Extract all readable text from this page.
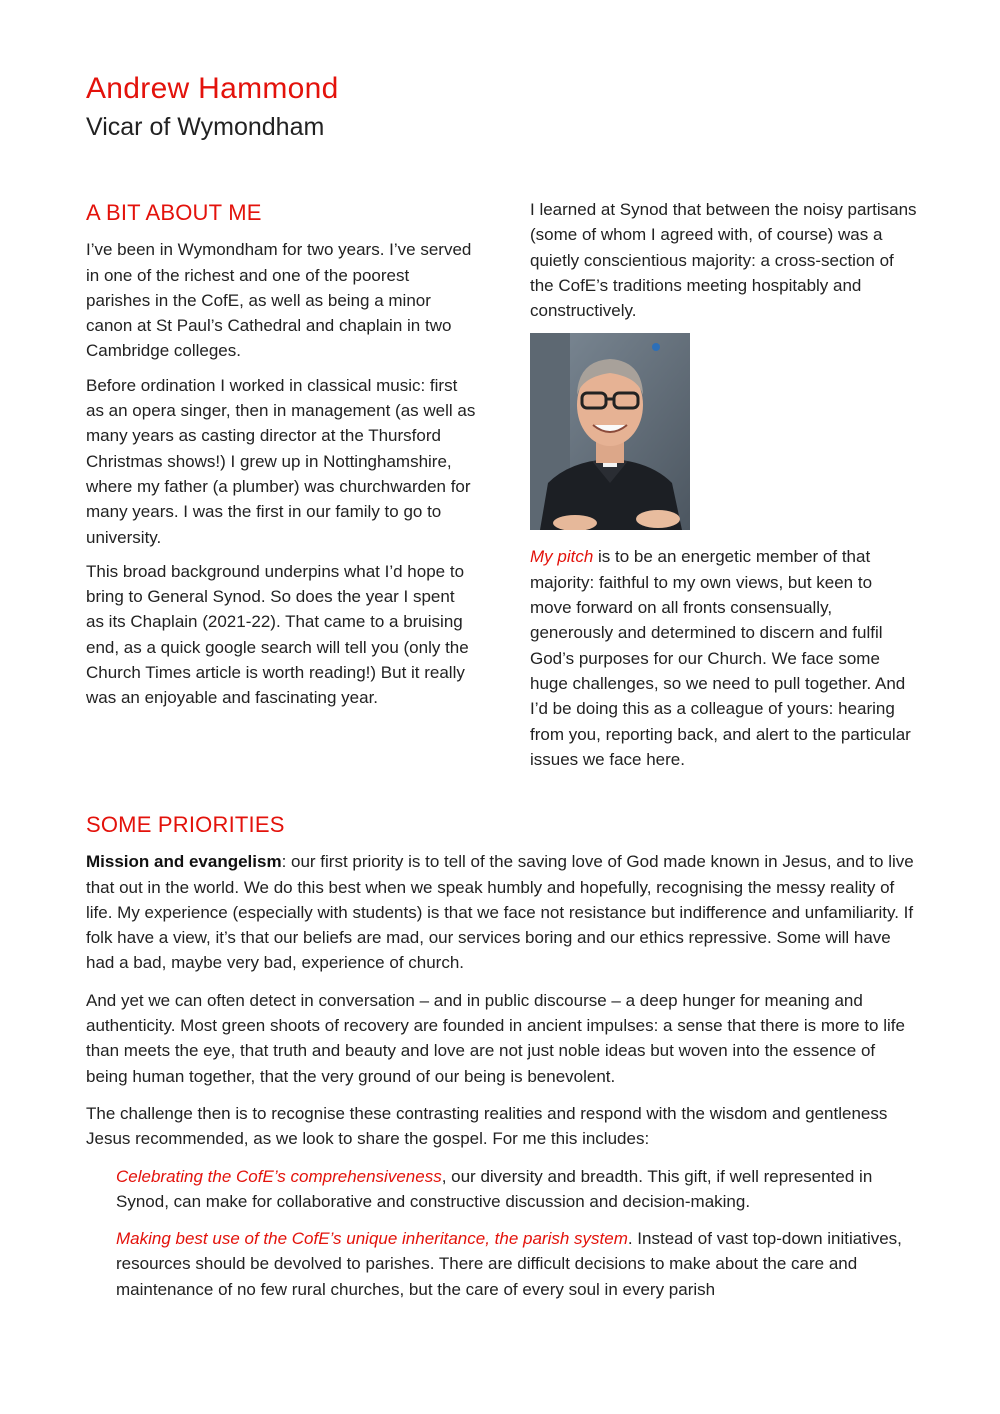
Andrew Hammond
Vicar of Wymondham
A BIT ABOUT ME

I’ve been in Wymondham for two years. I’ve served in one of the richest and one of the poorest parishes in the CofE, as well as being a minor canon at St Paul’s Cathedral and chaplain in two Cambridge colleges.

Before ordination I worked in classical music: first as an opera singer, then in management (as well as many years as casting director at the Thursford Christmas shows!) I grew up in Nottinghamshire, where my father (a plumber) was churchwarden for many years. I was the first in our family to go to university.

This broad background underpins what I’d hope to bring to General Synod. So does the year I spent as its Chaplain (2021-22). That came to a bruising end, as a quick google search will tell you (only the Church Times article is worth reading!) But it really was an enjoyable and fascinating year.

I learned at Synod that between the noisy partisans (some of whom I agreed with, of course) was a quietly conscientious majority: a cross-section of the CofE’s traditions meeting hospitably and constructively.

My pitch is to be an energetic member of that majority: faithful to my own views, but keen to move forward on all fronts consensually, generously and determined to discern and fulfil God’s purposes for our Church. We face some huge challenges, so we need to pull together. And I’d be doing this as a colleague of yours: hearing from you, reporting back, and alert to the particular issues we face here.

SOME PRIORITIES

Mission and evangelism: our first priority is to tell of the saving love of God made known in Jesus, and to live that out in the world. We do this best when we speak humbly and hopefully, recognising the messy reality of life. My experience (especially with students) is that we face not resistance but indifference and unfamiliarity. If folk have a view, it’s that our beliefs are mad, our services boring and our ethics repressive. Some will have had a bad, maybe very bad, experience of church.

And yet we can often detect in conversation – and in public discourse – a deep hunger for meaning and authenticity. Most green shoots of recovery are founded in ancient impulses: a sense that there is more to life than meets the eye, that truth and beauty and love are not just noble ideas but woven into the essence of being human together, that the very ground of our being is benevolent.

The challenge then is to recognise these contrasting realities and respond with the wisdom and gentleness Jesus recommended, as we look to share the gospel. For me this includes:

Celebrating the CofE’s comprehensiveness, our diversity and breadth. This gift, if well represented in Synod, can make for collaborative and constructive discussion and decision-making.

Making best use of the CofE’s unique inheritance, the parish system. Instead of vast top-down initiatives, resources should be devolved to parishes. There are difficult decisions to make about the care and maintenance of no few rural churches, but the care of every soul in every parish
